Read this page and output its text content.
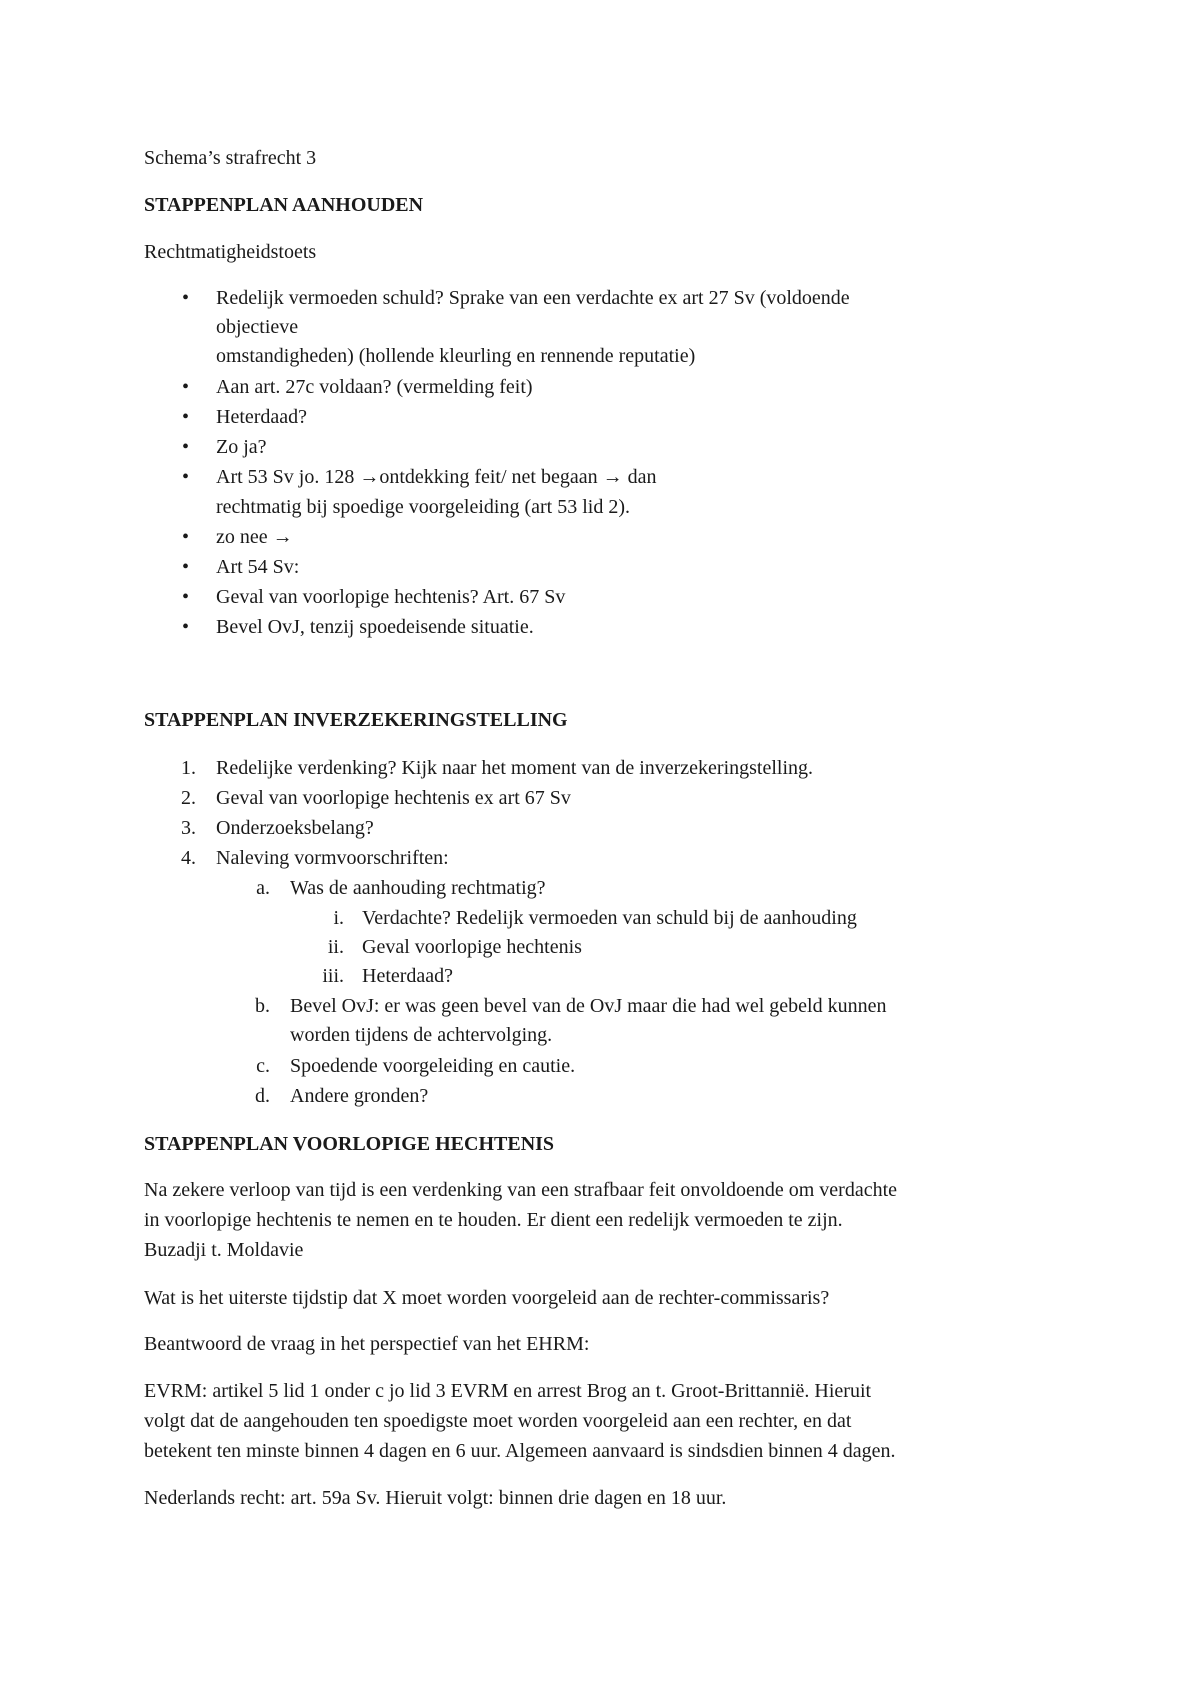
Schema’s strafrecht 3
STAPPENPLAN AANHOUDEN
Rechtmatigheidstoets
• Redelijk vermoeden schuld? Sprake van een verdachte ex art 27 Sv (voldoende
objectieve
omstandigheden) (hollende kleurling en rennende reputatie)
• Aan art. 27c voldaan? (vermelding feit)
• Heterdaad?
• Zo ja?
• Art 53 Sv jo. 128 →ontdekking feit/ net begaan → dan
rechtmatig bij spoedige voorgeleiding (art 53 lid 2).
• zo nee →
• Art 54 Sv:
• Geval van voorlopige hechtenis? Art. 67 Sv
• Bevel OvJ, tenzij spoedeisende situatie.
STAPPENPLAN INVERZEKERINGSTELLING
1. Redelijke verdenking? Kijk naar het moment van de inverzekeringstelling.
2. Geval van voorlopige hechtenis ex art 67 Sv
3. Onderzoeksbelang?
4. Naleving vormvoorschriften:
a. Was de aanhouding rechtmatig?
i. Verdachte? Redelijk vermoeden van schuld bij de aanhouding
ii. Geval voorlopige hechtenis
iii. Heterdaad?
b. Bevel OvJ: er was geen bevel van de OvJ maar die had wel gebeld kunnen
worden tijdens de achtervolging.
c. Spoedende voorgeleiding en cautie.
d. Andere gronden?
STAPPENPLAN VOORLOPIGE HECHTENIS
Na zekere verloop van tijd is een verdenking van een strafbaar feit onvoldoende om verdachte
in voorlopige hechtenis te nemen en te houden. Er dient een redelijk vermoeden te zijn.
Buzadji t. Moldavie
Wat is het uiterste tijdstip dat X moet worden voorgeleid aan de rechter-commissaris?
Beantwoord de vraag in het perspectief van het EHRM:
EVRM: artikel 5 lid 1 onder c jo lid 3 EVRM en arrest Brog an t. Groot-Brittannië. Hieruit
volgt dat de aangehouden ten spoedigste moet worden voorgeleid aan een rechter, en dat
betekent ten minste binnen 4 dagen en 6 uur. Algemeen aanvaard is sindsdien binnen 4 dagen.
Nederlands recht: art. 59a Sv. Hieruit volgt: binnen drie dagen en 18 uur.
